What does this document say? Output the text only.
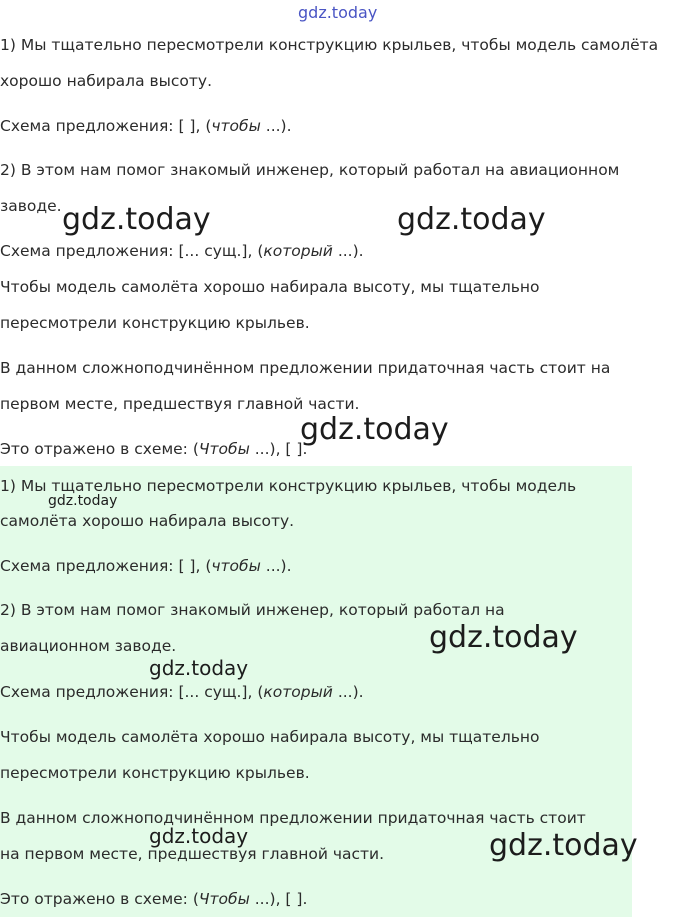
gdz.today
1) Мы тщательно пересмотрели конструкцию крыльев, чтобы модель самолёта
хорошо набирала высоту.
Схема предложения: [ ], (чтобы ...).
2) В этом нам помог знакомый инженер, который работал на авиационном
заводе.
Схема предложения: [... сущ.], (который ...).
Чтобы модель самолёта хорошо набирала высоту, мы тщательно
пересмотрели конструкцию крыльев.
В данном сложноподчинённом предложении придаточная часть стоит на
первом месте, предшествуя главной части.
Это отражено в схеме: (Чтобы ...), [ ].
1) Мы тщательно пересмотрели конструкцию крыльев, чтобы модель
самолёта хорошо набирала высоту.
Схема предложения: [ ], (чтобы ...).
2) В этом нам помог знакомый инженер, который работал на
авиационном заводе.
Схема предложения: [... сущ.], (который ...).
Чтобы модель самолёта хорошо набирала высоту, мы тщательно
пересмотрели конструкцию крыльев.
В данном сложноподчинённом предложении придаточная часть стоит
на первом месте, предшествуя главной части.
Это отражено в схеме: (Чтобы ...), [ ].
gdz.today	gdz.today
gdz.today
gdz.today
gdz.today
gdz.today
gdz.today	gdz.today
